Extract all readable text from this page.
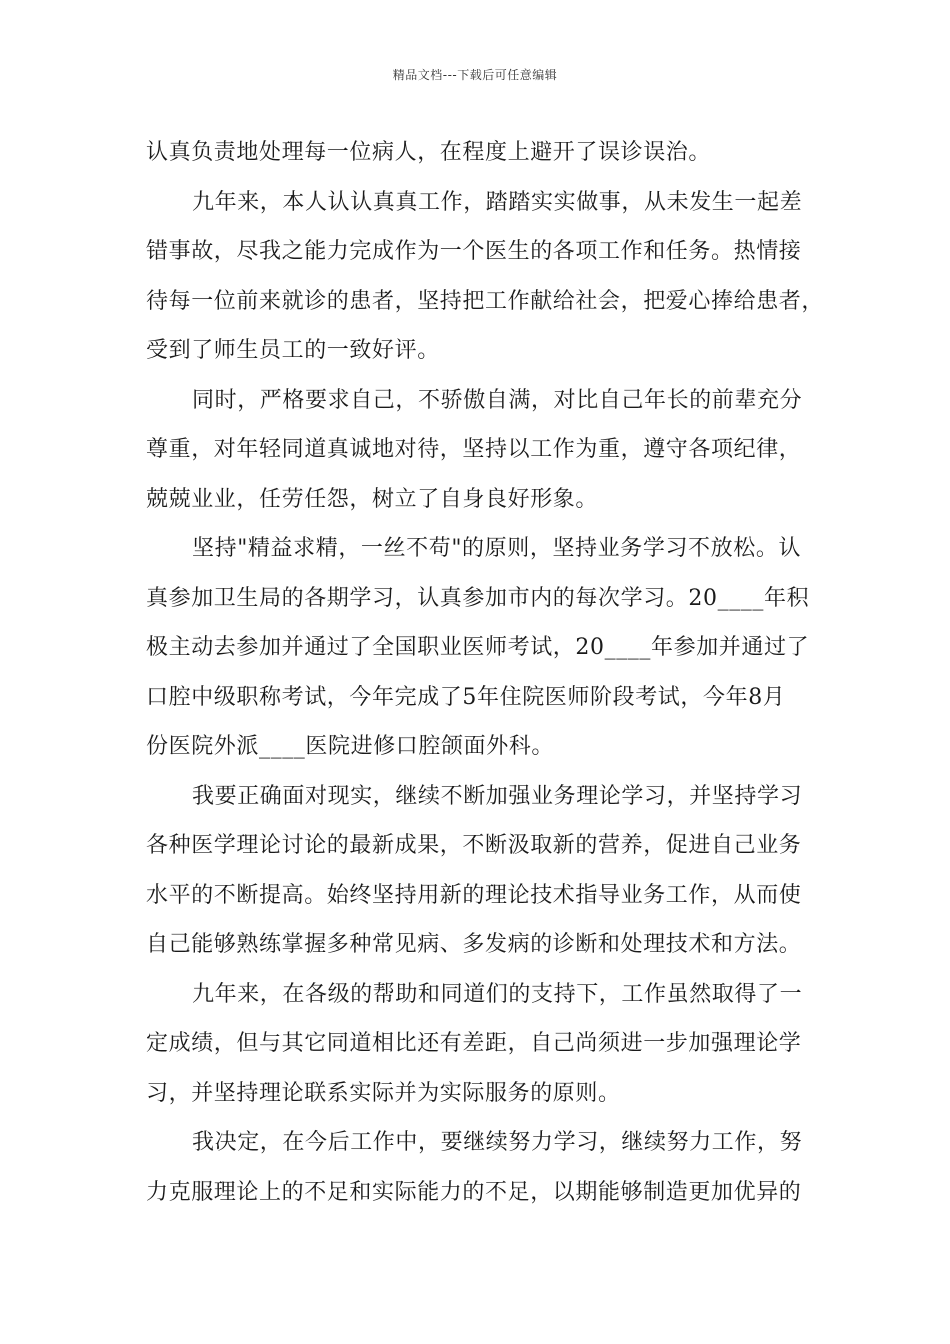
精品文档---下载后可任意编辑
认真负责地处理每一位病人，在程度上避开了误诊误治。
九年来，本人认认真真工作，踏踏实实做事，从未发生一起差
错事故，尽我之能力完成作为一个医生的各项工作和任务。热情接
待每一位前来就诊的患者，坚持把工作献给社会，把爱心捧给患者，
受到了师生员工的一致好评。
同时，严格要求自己，不骄傲自满，对比自己年长的前辈充分
尊重，对年轻同道真诚地对待，坚持以工作为重，遵守各项纪律，
兢兢业业，任劳任怨，树立了自身良好形象。
坚持"精益求精，一丝不苟"的原则，坚持业务学习不放松。认
真参加卫生局的各期学习，认真参加市内的每次学习。20____年积
极主动去参加并通过了全国职业医师考试，20____年参加并通过了
口腔中级职称考试，今年完成了5年住院医师阶段考试，今年8月
份医院外派____医院进修口腔颌面外科。
我要正确面对现实，继续不断加强业务理论学习，并坚持学习
各种医学理论讨论的最新成果，不断汲取新的营养，促进自己业务
水平的不断提高。始终坚持用新的理论技术指导业务工作，从而使
自己能够熟练掌握多种常见病、多发病的诊断和处理技术和方法。
九年来，在各级的帮助和同道们的支持下，工作虽然取得了一
定成绩，但与其它同道相比还有差距，自己尚须进一步加强理论学
习，并坚持理论联系实际并为实际服务的原则。
我决定，在今后工作中，要继续努力学习，继续努力工作，努
力克服理论上的不足和实际能力的不足，以期能够制造更加优异的
